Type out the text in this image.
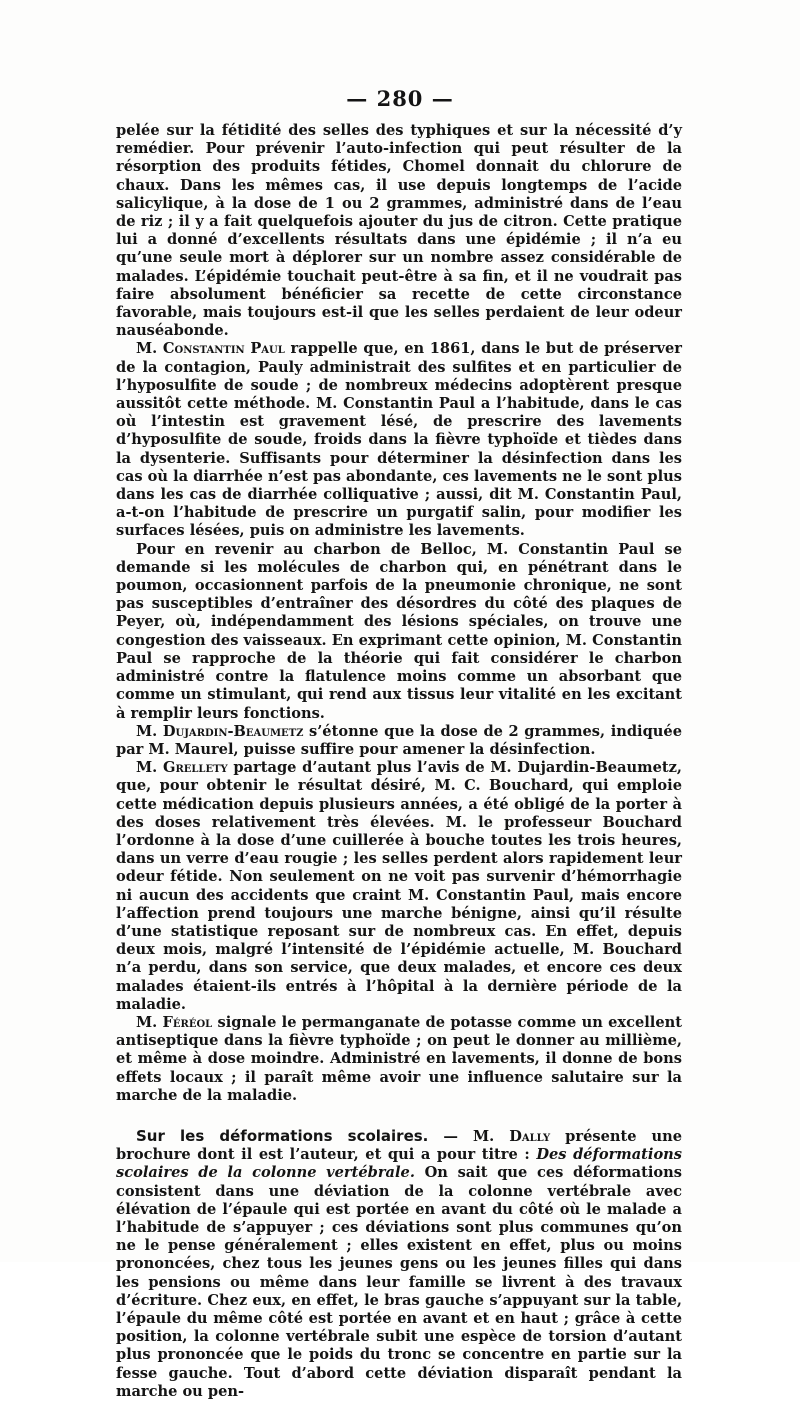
— 280 —

pelée sur la fétidité des selles des typhiques et sur la nécessité d’y remédier. Pour prévenir l’auto-infection qui peut résulter de la résorption des produits fétides, Chomel donnait du chlorure de chaux. Dans les mêmes cas, il use depuis longtemps de l’acide salicylique, à la dose de 1 ou 2 grammes, administré dans de l’eau de riz ; il y a fait quelquefois ajouter du jus de citron. Cette pratique lui a donné d’excellents résultats dans une épidémie ; il n’a eu qu’une seule mort à déplorer sur un nombre assez considérable de malades. L’épidémie touchait peut-être à sa fin, et il ne voudrait pas faire absolument bénéficier sa recette de cette circonstance favorable, mais toujours est-il que les selles perdaient de leur odeur nauséabonde.

M. Constantin Paul rappelle que, en 1861, dans le but de préserver de la contagion, Pauly administrait des sulfites et en particulier de l’hyposulfite de soude ; de nombreux médecins adoptèrent presque aussitôt cette méthode. M. Constantin Paul a l’habitude, dans le cas où l’intestin est gravement lésé, de prescrire des lavements d’hyposulfite de soude, froids dans la fièvre typhoïde et tièdes dans la dysenterie. Suffisants pour déterminer la désinfection dans les cas où la diarrhée n’est pas abondante, ces lavements ne le sont plus dans les cas de diarrhée colliquative ; aussi, dit M. Constantin Paul, a-t-on l’habitude de prescrire un purgatif salin, pour modifier les surfaces lésées, puis on administre les lavements.

Pour en revenir au charbon de Belloc, M. Constantin Paul se demande si les molécules de charbon qui, en pénétrant dans le poumon, occasionnent parfois de la pneumonie chronique, ne sont pas susceptibles d’entraîner des désordres du côté des plaques de Peyer, où, indépendamment des lésions spéciales, on trouve une congestion des vaisseaux. En exprimant cette opinion, M. Constantin Paul se rapproche de la théorie qui fait considérer le charbon administré contre la flatulence moins comme un absorbant que comme un stimulant, qui rend aux tissus leur vitalité en les excitant à remplir leurs fonctions.

M. Dujardin-Beaumetz s’étonne que la dose de 2 grammes, indiquée par M. Maurel, puisse suffire pour amener la désinfection.

M. Grellety partage d’autant plus l’avis de M. Dujardin-Beaumetz, que, pour obtenir le résultat désiré, M. C. Bouchard, qui emploie cette médication depuis plusieurs années, a été obligé de la porter à des doses relativement très élevées. M. le professeur Bouchard l’ordonne à la dose d’une cuillerée à bouche toutes les trois heures, dans un verre d’eau rougie ; les selles perdent alors rapidement leur odeur fétide. Non seulement on ne voit pas survenir d’hémorrhagie ni aucun des accidents que craint M. Constantin Paul, mais encore l’affection prend toujours une marche bénigne, ainsi qu’il résulte d’une statistique reposant sur de nombreux cas. En effet, depuis deux mois, malgré l’intensité de l’épidémie actuelle, M. Bouchard n’a perdu, dans son service, que deux malades, et encore ces deux malades étaient-ils entrés à l’hôpital à la dernière période de la maladie.

M. Féréol signale le permanganate de potasse comme un excellent antiseptique dans la fièvre typhoïde ; on peut le donner au millième, et même à dose moindre. Administré en lavements, il donne de bons effets locaux ; il paraît même avoir une influence salutaire sur la marche de la maladie.

Sur les déformations scolaires. — M. Dally présente une brochure dont il est l’auteur, et qui a pour titre : Des déformations scolaires de la colonne vertébrale. On sait que ces déformations consistent dans une déviation de la colonne vertébrale avec élévation de l’épaule qui est portée en avant du côté où le malade a l’habitude de s’appuyer ; ces déviations sont plus communes qu’on ne le pense généralement ; elles existent en effet, plus ou moins prononcées, chez tous les jeunes gens ou les jeunes filles qui dans les pensions ou même dans leur famille se livrent à des travaux d’écriture. Chez eux, en effet, le bras gauche s’appuyant sur la table, l’épaule du même côté est portée en avant et en haut ; grâce à cette position, la colonne vertébrale subit une espèce de torsion d’autant plus prononcée que le poids du tronc se concentre en partie sur la fesse gauche. Tout d’abord cette déviation disparaît pendant la marche ou pen-
